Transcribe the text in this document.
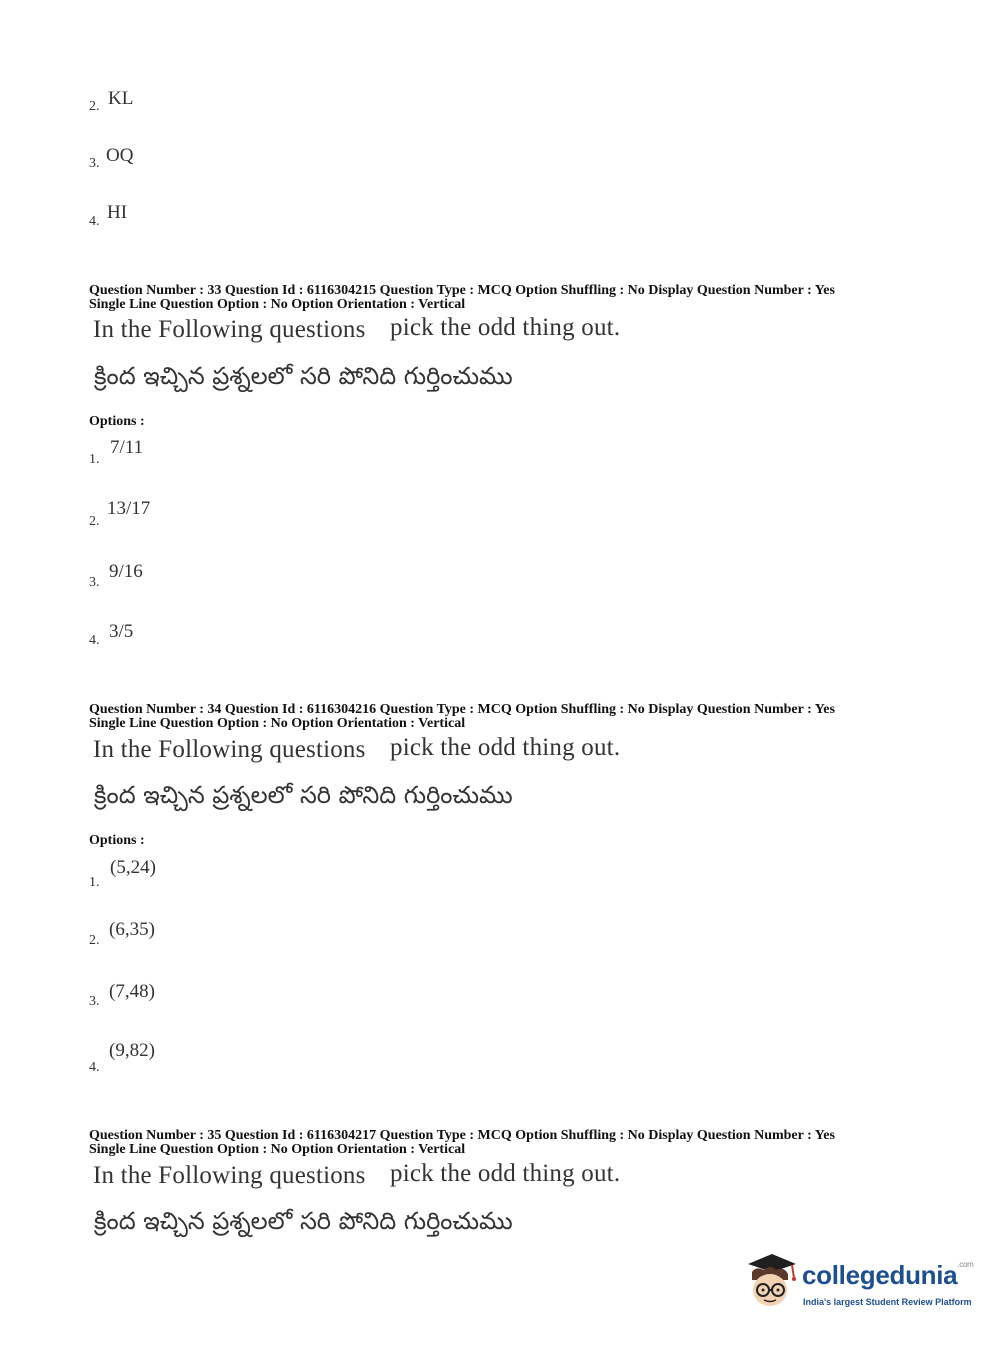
2. KL
3. OQ
4. HI
Question Number : 33 Question Id : 6116304215 Question Type : MCQ Option Shuffling : No Display Question Number : Yes
Single Line Question Option : No Option Orientation : Vertical
In the Following questions pick the odd thing out.
క్రింద ఇచ్చిన ప్రశ్నలలో సరి పోనిది గుర్తించుము
Options :
1.
7/11
2.
13/17
3.
9/16
4. 3/5
Question Number : 34 Question Id : 6116304216 Question Type : MCQ Option Shuffling : No Display Question Number : Yes
Single Line Question Option : No Option Orientation : Vertical
In the Following questions pick the odd thing out.
క్రింద ఇచ్చిన ప్రశ్నలలో సరి పోనిది గుర్తించుము
Options :
1.
(5,24)
2.
(6,35)
3. (7,48)
4.
(9,82)
Question Number : 35 Question Id : 6116304217 Question Type : MCQ Option Shuffling : No Display Question Number : Yes
Single Line Question Option : No Option Orientation : Vertical
In the Following questions pick the odd thing out.
క్రింద ఇచ్చిన ప్రశ్నలలో సరి పోనిది గుర్తించుము
collegedunia$^{.com}$
India's largest Student Review Platform
